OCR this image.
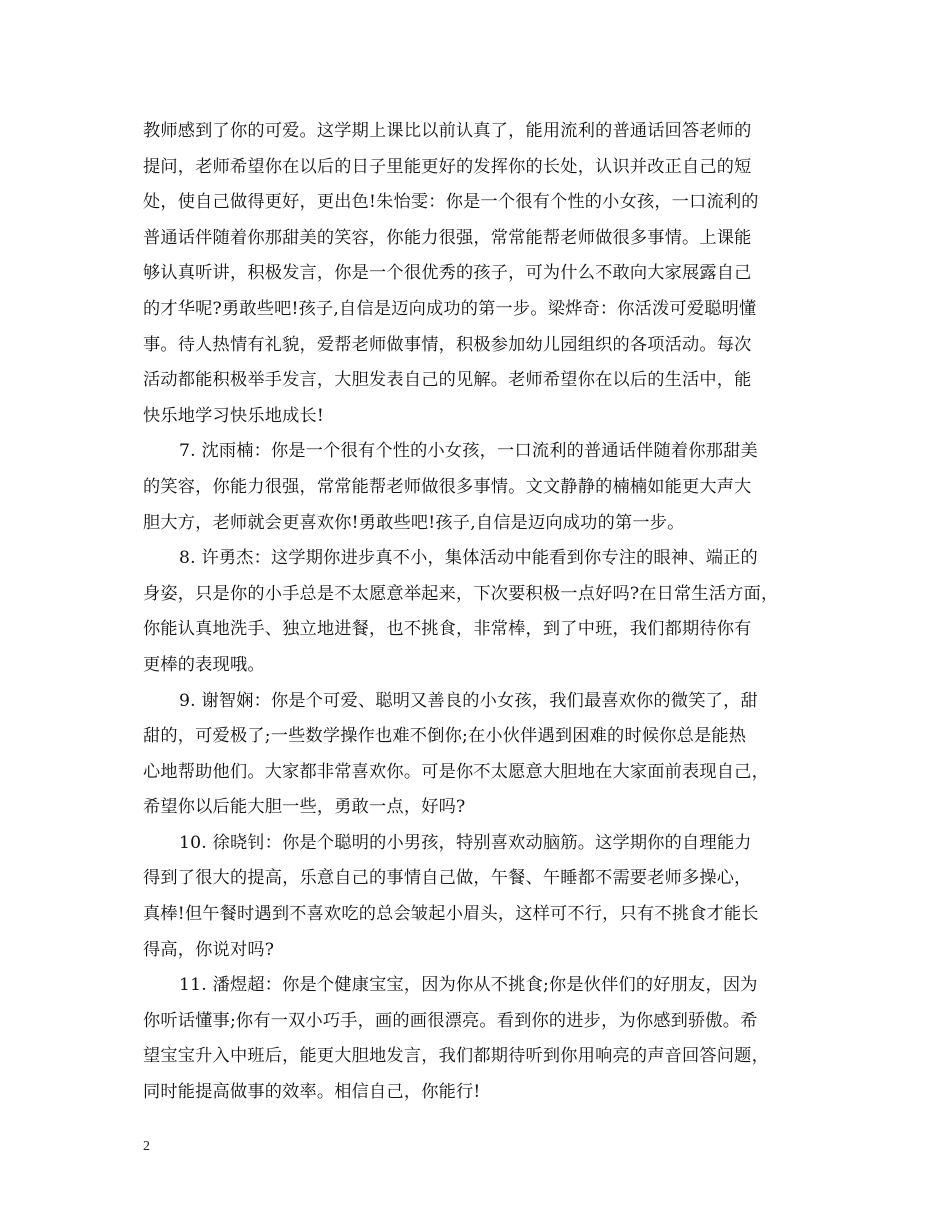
教师感到了你的可爱。这学期上课比以前认真了，能用流利的普通话回答老师的
提问，老师希望你在以后的日子里能更好的发挥你的长处，认识并改正自己的短
处，使自己做得更好，更出色!朱怡雯：你是一个很有个性的小女孩，一口流利的
普通话伴随着你那甜美的笑容，你能力很强，常常能帮老师做很多事情。上课能
够认真听讲，积极发言，你是一个很优秀的孩子，可为什么不敢向大家展露自己
的才华呢?勇敢些吧!孩子,自信是迈向成功的第一步。梁烨奇：你活泼可爱聪明懂
事。待人热情有礼貌，爱帮老师做事情，积极参加幼儿园组织的各项活动。每次
活动都能积极举手发言，大胆发表自己的见解。老师希望你在以后的生活中，能
快乐地学习快乐地成长!
7. 沈雨楠：你是一个很有个性的小女孩，一口流利的普通话伴随着你那甜美
的笑容，你能力很强，常常能帮老师做很多事情。文文静静的楠楠如能更大声大
胆大方，老师就会更喜欢你!勇敢些吧!孩子,自信是迈向成功的第一步。
8. 许勇杰：这学期你进步真不小，集体活动中能看到你专注的眼神、端正的
身姿，只是你的小手总是不太愿意举起来，下次要积极一点好吗?在日常生活方面，
你能认真地洗手、独立地进餐，也不挑食，非常棒，到了中班，我们都期待你有
更棒的表现哦。
9. 谢智娴：你是个可爱、聪明又善良的小女孩，我们最喜欢你的微笑了，甜
甜的，可爱极了;一些数学操作也难不倒你;在小伙伴遇到困难的时候你总是能热
心地帮助他们。大家都非常喜欢你。可是你不太愿意大胆地在大家面前表现自己，
希望你以后能大胆一些，勇敢一点，好吗?
10. 徐晓钊：你是个聪明的小男孩，特别喜欢动脑筋。这学期你的自理能力
得到了很大的提高，乐意自己的事情自己做，午餐、午睡都不需要老师多操心，
真棒!但午餐时遇到不喜欢吃的总会皱起小眉头，这样可不行，只有不挑食才能长
得高，你说对吗?
11. 潘煜超：你是个健康宝宝，因为你从不挑食;你是伙伴们的好朋友，因为
你听话懂事;你有一双小巧手，画的画很漂亮。看到你的进步，为你感到骄傲。希
望宝宝升入中班后，能更大胆地发言，我们都期待听到你用响亮的声音回答问题，
同时能提高做事的效率。相信自己，你能行!
2
